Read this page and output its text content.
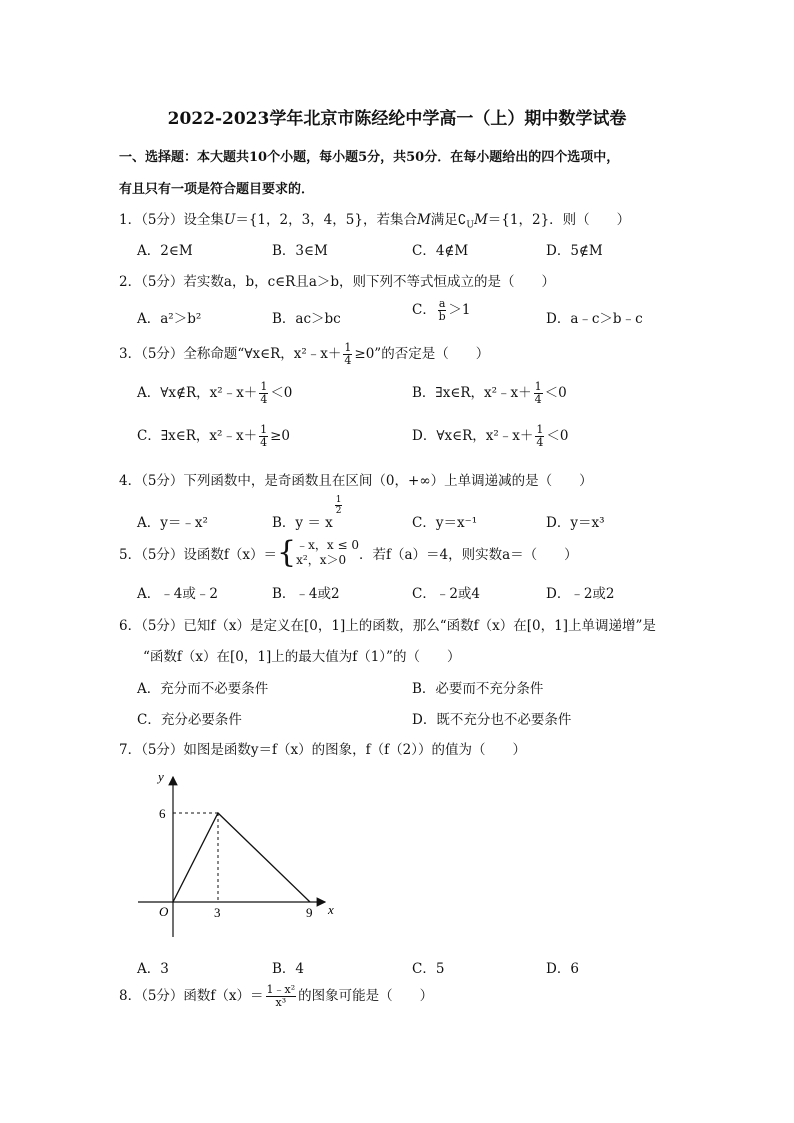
2022-2023学年北京市陈经纶中学高一（上）期中数学试卷
一、选择题：本大题共10个小题，每小题5分，共50分．在每小题给出的四个选项中，
有且只有一项是符合题目要求的．
1．（5分）设全集U＝{1，2，3，4，5}，若集合M满足$∁_UM=\{1$，2}．则（　　）
A．2∈M	B．3∈M	C．4∉M	D．5∉M
2．（5分）若实数a，b，c∈R且a＞b，则下列不等式恒成立的是（　　）
A．a²＞b²	B．ac＞bc
C． $\frac{a}{b} >1$
D．a﹣c＞b﹣c
3．（5分）全称命题“∀x∈R，x²﹣x＋ $\frac{1}{4} \ge 0$”的否定是（　　）
A．∀x∉R，x²﹣x＋ $\frac{1}{4} <0$	B．∃x∈R，x²﹣x＋ $\frac{1}{4} <0$
C．∃x∈R，x²﹣x＋ $\frac{1}{4} \ge 0$	D．∀x∈R，x²﹣x＋ $\frac{1}{4} <0$
4．（5分）下列函数中，是奇函数且在区间（0，+∞）上单调递减的是（　　）
A．y＝﹣x²	B．y ＝ x
$\frac{1}{2}$
C．y＝x⁻¹	D．y＝x³
5．（5分）设函数f（x）＝{ ﹣x，x ≤ 0
x²，x＞0 ．若f（a）＝4，则实数a＝（　　）
A．﹣4或﹣2	B．﹣4或2	C．﹣2或4	D．﹣2或2
6．（5分）已知f（x）是定义在[0，1]上的函数，那么“函数f（x）在[0，1]上单调递增”是
“函数f（x）在[0，1]上的最大值为f（1）”的（　　）
A．充分而不必要条件	B．必要而不充分条件
C．充分必要条件	D．既不充分也不必要条件
7．（5分）如图是函数y＝f（x）的图象，f（f（2））的值为（　　）
y
x
O
6
3	9
A．3	B．4	C．5	D．6
8．（5分）函数$f(x)= \frac{\text{1﹣x²}}{\text{x³}}$ 的图象可能是（　　）
